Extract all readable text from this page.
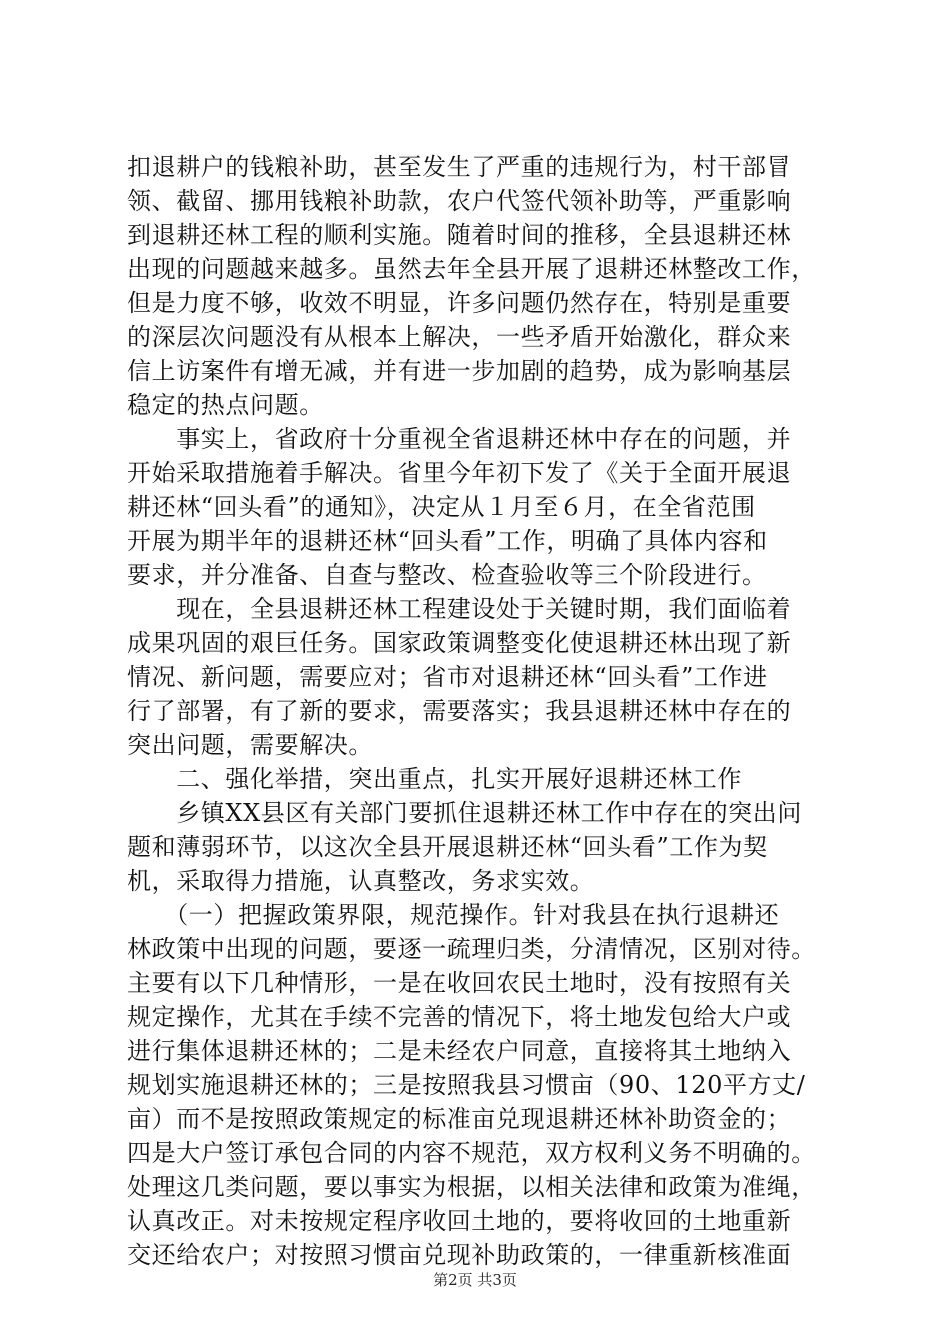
扣退耕户的钱粮补助，甚至发生了严重的违规行为，村干部冒
领、截留、挪用钱粮补助款，农户代签代领补助等，严重影响
到退耕还林工程的顺利实施。随着时间的推移，全县退耕还林
出现的问题越来越多。虽然去年全县开展了退耕还林整改工作，
但是力度不够，收效不明显，许多问题仍然存在，特别是重要
的深层次问题没有从根本上解决，一些矛盾开始激化，群众来
信上访案件有增无减，并有进一步加剧的趋势，成为影响基层
稳定的热点问题。
　　事实上，省政府十分重视全省退耕还林中存在的问题，并
开始采取措施着手解决。省里今年初下发了《关于全面开展退
耕还林“回头看”的通知》，决定从１月至６月，在全省范围
开展为期半年的退耕还林“回头看”工作，明确了具体内容和
要求，并分准备、自查与整改、检查验收等三个阶段进行。
　　现在，全县退耕还林工程建设处于关键时期，我们面临着
成果巩固的艰巨任务。国家政策调整变化使退耕还林出现了新
情况、新问题，需要应对；省市对退耕还林“回头看”工作进
行了部署，有了新的要求，需要落实；我县退耕还林中存在的
突出问题，需要解决。
　　二、强化举措，突出重点，扎实开展好退耕还林工作
　　乡镇XX县区有关部门要抓住退耕还林工作中存在的突出问
题和薄弱环节，以这次全县开展退耕还林“回头看”工作为契
机，采取得力措施，认真整改，务求实效。
　　（一）把握政策界限，规范操作。针对我县在执行退耕还
林政策中出现的问题，要逐一疏理归类，分清情况，区别对待。
主要有以下几种情形，一是在收回农民土地时，没有按照有关
规定操作，尤其在手续不完善的情况下，将土地发包给大户或
进行集体退耕还林的；二是未经农户同意，直接将其土地纳入
规划实施退耕还林的；三是按照我县习惯亩（90、120平方丈/
亩）而不是按照政策规定的标准亩兑现退耕还林补助资金的；
四是大户签订承包合同的内容不规范，双方权利义务不明确的。
处理这几类问题，要以事实为根据，以相关法律和政策为准绳，
认真改正。对未按规定程序收回土地的，要将收回的土地重新
交还给农户；对按照习惯亩兑现补助政策的，一律重新核准面
第2页 共3页
